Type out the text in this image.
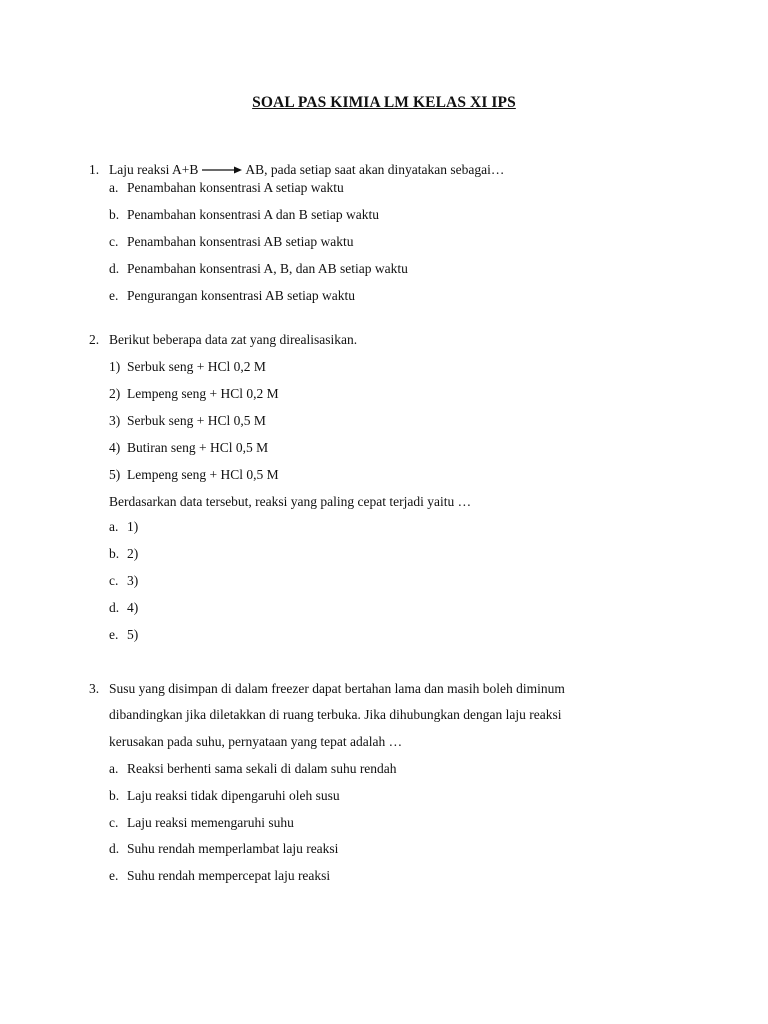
SOAL PAS KIMIA LM KELAS XI IPS
1. Laju reaksi A+B → AB, pada setiap saat akan dinyatakan sebagai…
a. Penambahan konsentrasi A setiap waktu
b. Penambahan konsentrasi A dan B setiap waktu
c. Penambahan konsentrasi AB setiap waktu
d. Penambahan konsentrasi A, B, dan AB setiap waktu
e. Pengurangan konsentrasi AB setiap waktu
2. Berikut beberapa data zat yang direalisasikan.
1) Serbuk seng + HCl 0,2 M
2) Lempeng seng + HCl 0,2 M
3) Serbuk seng + HCl 0,5 M
4) Butiran seng + HCl 0,5 M
5) Lempeng seng + HCl 0,5 M
Berdasarkan data tersebut, reaksi yang paling cepat terjadi yaitu …
a. 1)
b. 2)
c. 3)
d. 4)
e. 5)
3. Susu yang disimpan di dalam freezer dapat bertahan lama dan masih boleh diminum
dibandingkan jika diletakkan di ruang terbuka. Jika dihubungkan dengan laju reaksi
kerusakan pada suhu, pernyataan yang tepat adalah …
a. Reaksi berhenti sama sekali di dalam suhu rendah
b. Laju reaksi tidak dipengaruhi oleh susu
c. Laju reaksi memengaruhi suhu
d. Suhu rendah memperlambat laju reaksi
e. Suhu rendah mempercepat laju reaksi
